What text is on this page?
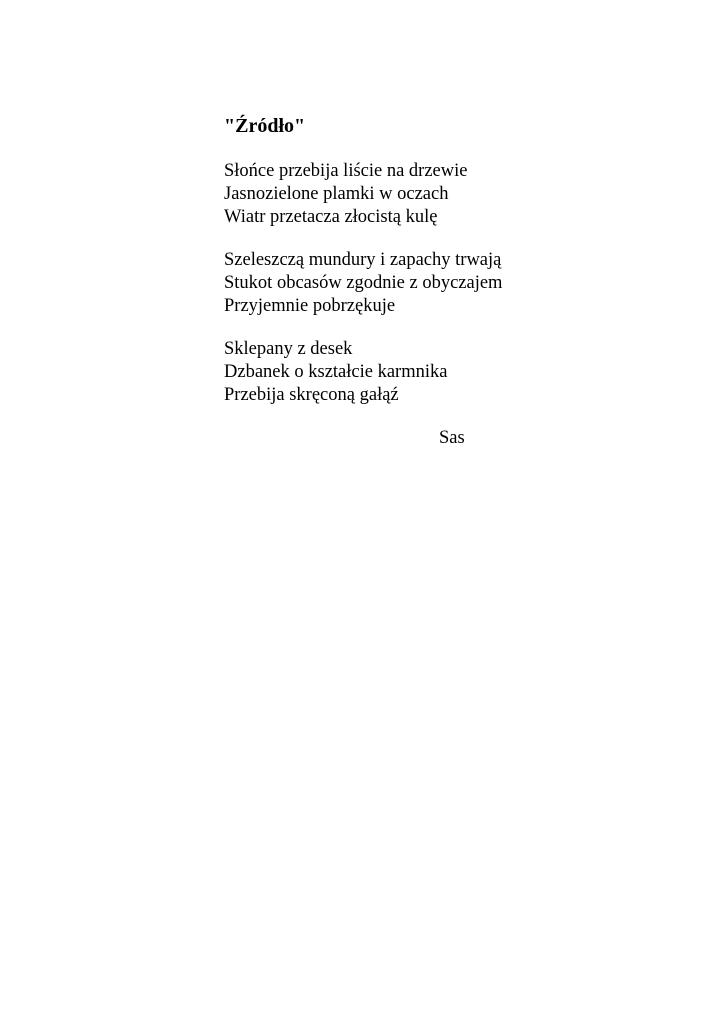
"Źródło"
Słońce przebija liście na drzewie
Jasnozielone plamki w oczach
Wiatr przetacza złocistą kulę
Szeleszczą mundury i zapachy trwają
Stukot obcasów zgodnie z obyczajem
Przyjemnie pobrzękuje
Sklepany z desek
Dzbanek o kształcie karmnika
Przebija skręconą gałąź
Sas
